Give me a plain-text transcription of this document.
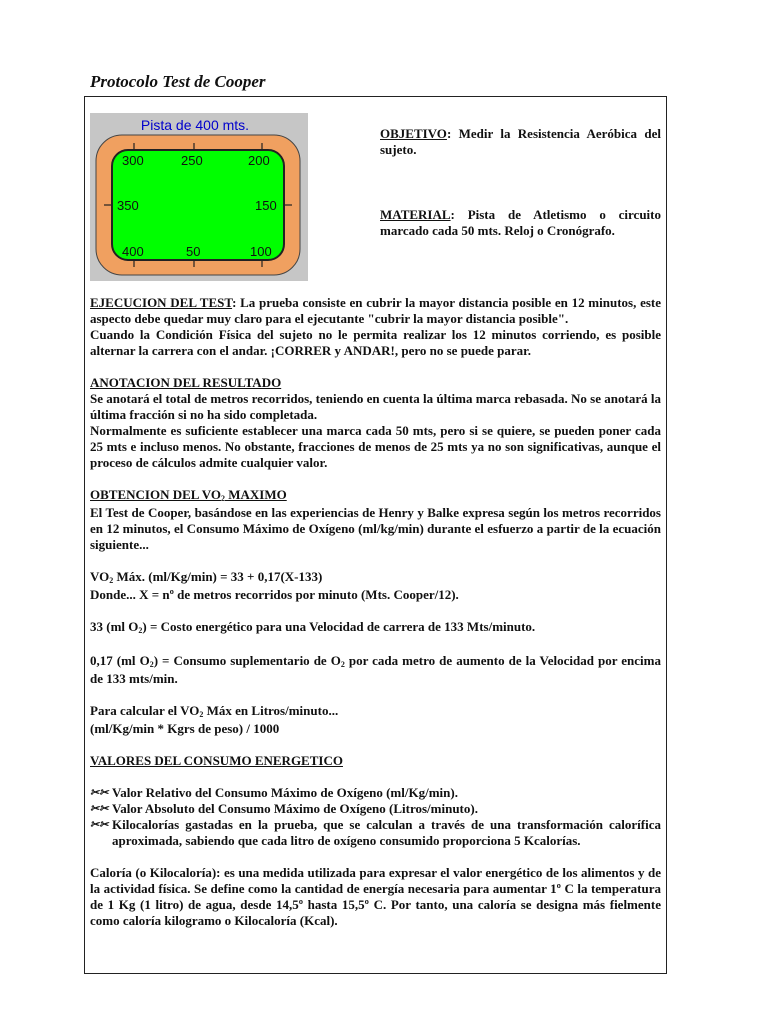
Protocolo Test de Cooper
Pista de 400 mts.
300	250	200
350	150
400	50	100
OBJETIVO: Medir la Resistencia Aeróbica del sujeto.
MATERIAL: Pista de Atletismo o circuito marcado cada 50 mts. Reloj o Cronógrafo.

EJECUCION DEL TEST: La prueba consiste en cubrir la mayor distancia posible en 12 minutos, este aspecto debe quedar muy claro para el ejecutante "cubrir la mayor distancia posible".

Cuando la Condición Física del sujeto no le permita realizar los 12 minutos corriendo, es posible alternar la carrera con el andar. ¡CORRER y ANDAR!, pero no se puede parar.

ANOTACION DEL RESULTADO

Se anotará el total de metros recorridos, teniendo en cuenta la última marca rebasada. No se anotará la última fracción si no ha sido completada.

Normalmente es suficiente establecer una marca cada 50 mts, pero si se quiere, se pueden poner cada 25 mts e incluso menos. No obstante, fracciones de menos de 25 mts ya no son significativas, aunque el proceso de cálculos admite cualquier valor.

OBTENCION DEL $VO_2$ MAXIMO

El Test de Cooper, basándose en las experiencias de Henry y Balke expresa según los metros recorridos en 12 minutos, el Consumo Máximo de Oxígeno (ml/kg/min) durante el esfuerzo a partir de la ecuación siguiente...

$VO_2$ Máx. (ml/Kg/min) = 33 + 0,17(X-133)

Donde... X = nº de metros recorridos por minuto (Mts. Cooper/12).

33 (ml $O_2$) = Costo energético para una Velocidad de carrera de 133 Mts/minuto.

0,17 (ml $O_2$) = Consumo suplementario de $O_2$ por cada metro de aumento de la Velocidad por encima de 133 mts/min.

Para calcular el $VO_2$ Máx en Litros/minuto...

(ml/Kg/min * Kgrs de peso) / 1000

VALORES DEL CONSUMO ENERGETICO

✂✂ Valor Relativo del Consumo Máximo de Oxígeno (ml/Kg/min).
✂✂ Valor Absoluto del Consumo Máximo de Oxígeno (Litros/minuto).
✂✂ Kilocalorías gastadas en la prueba, que se calculan a través de una transformación calorífica aproximada, sabiendo que cada litro de oxígeno consumido proporciona 5 Kcalorías.

Caloría (o Kilocaloría): es una medida utilizada para expresar el valor energético de los alimentos y de la actividad física. Se define como la cantidad de energía necesaria para aumentar 1º C la temperatura de 1 Kg (1 litro) de agua, desde 14,5º hasta 15,5º C. Por tanto, una caloría se designa más fielmente como caloría kilogramo o Kilocaloría (Kcal).
